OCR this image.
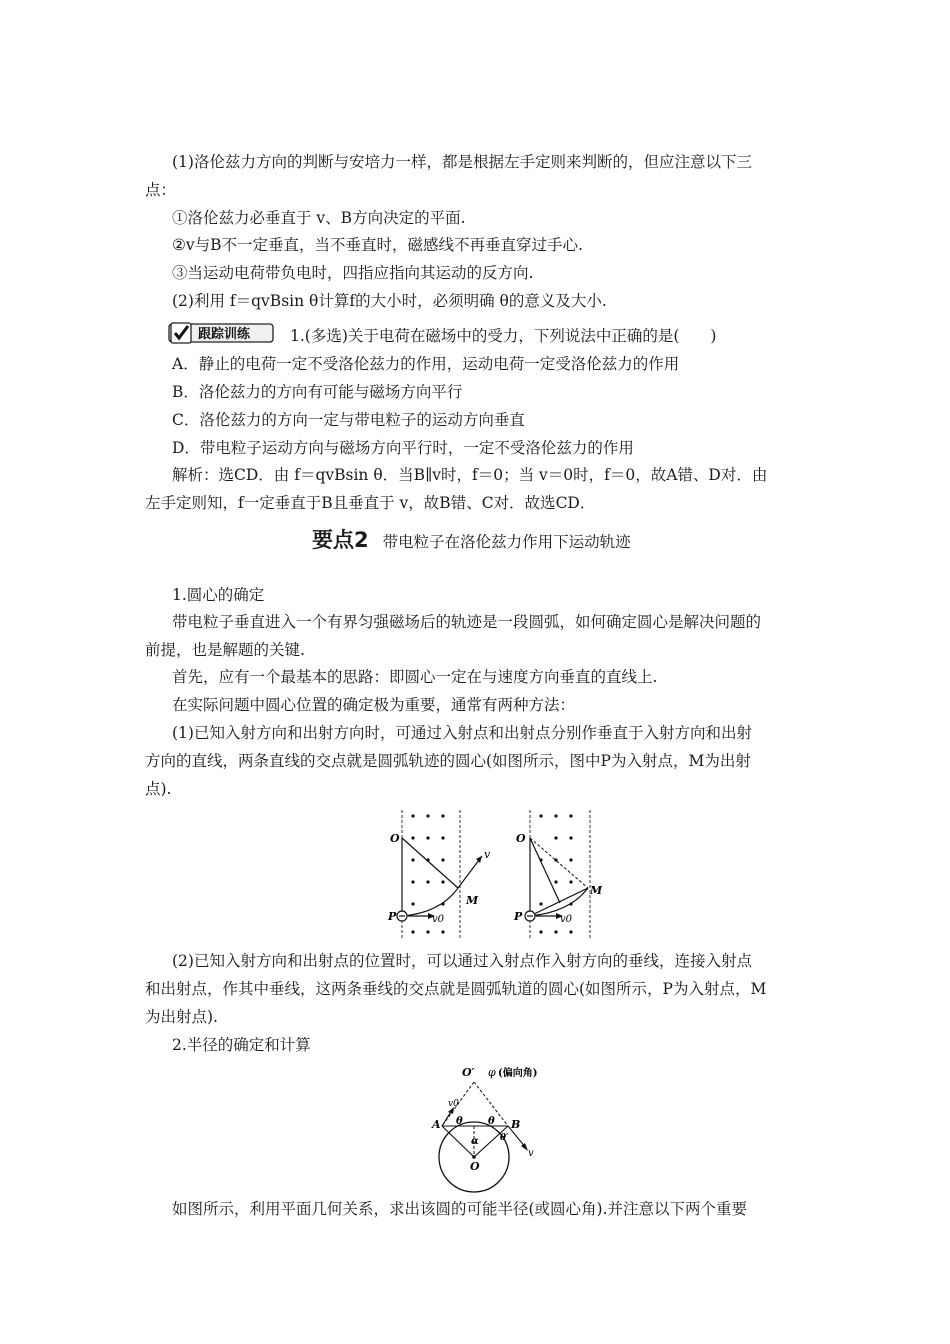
(1)洛伦兹力方向的判断与安培力一样，都是根据左手定则来判断的，但应注意以下三
点：
①洛伦兹力必垂直于 v、B方向决定的平面.
②v与B不一定垂直，当不垂直时，磁感线不再垂直穿过手心.
③当运动电荷带负电时，四指应指向其运动的反方向.
(2)利用 f＝qvBsin θ计算f的大小时，必须明确 θ的意义及大小.
跟踪训练	1.(多选)关于电荷在磁场中的受力，下列说法中正确的是(　　)
A．静止的电荷一定不受洛伦兹力的作用，运动电荷一定受洛伦兹力的作用
B．洛伦兹力的方向有可能与磁场方向平行
C．洛伦兹力的方向一定与带电粒子的运动方向垂直
D．带电粒子运动方向与磁场方向平行时，一定不受洛伦兹力的作用
解析：选CD．由 f＝qvBsin θ．当B∥v时，f＝0；当 v＝0时，f＝0，故A错、D对．由
左手定则知，f一定垂直于B且垂直于 v，故B错、C对．故选CD．
要点2 带电粒子在洛伦兹力作用下运动轨迹
1.圆心的确定
带电粒子垂直进入一个有界匀强磁场后的轨迹是一段圆弧，如何确定圆心是解决问题的
前提，也是解题的关键.
首先，应有一个最基本的思路：即圆心一定在与速度方向垂直的直线上.
在实际问题中圆心位置的确定极为重要，通常有两种方法：
(1)已知入射方向和出射方向时，可通过入射点和出射点分别作垂直于入射方向和出射
方向的直线，两条直线的交点就是圆弧轨迹的圆心(如图所示，图中P为入射点，M为出射
点).
O
P
M
v
v0
O
P
M
v0
(2)已知入射方向和出射点的位置时，可以通过入射点作入射方向的垂线，连接入射点
和出射点，作其中垂线，这两条垂线的交点就是圆弧轨道的圆心(如图所示，P为入射点，M
为出射点).
2.半径的确定和计算
O′ φ (偏向角)
A	B
O
v0
v
θ	θ
θ′
α
如图所示，利用平面几何关系，求出该圆的可能半径(或圆心角).并注意以下两个重要
